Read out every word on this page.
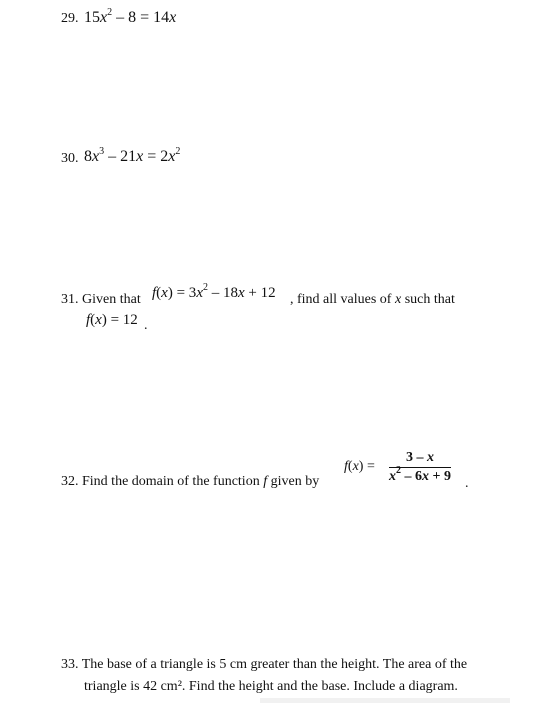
29. $15x^2 - 8 = 14x$
30. $8x^3 - 21x = 2x^2$
31. Given that $f(x) = 3x^2 - 18x + 12$ , find all values of x such that
f(x) = 12 .
32. Find the domain of the function f given by
$f(x) = \frac{3 - x}{x^2 - 6x + 9}$ .
33. The base of a triangle is 5 cm greater than the height. The area of the
triangle is 42 cm². Find the height and the base. Include a diagram.
